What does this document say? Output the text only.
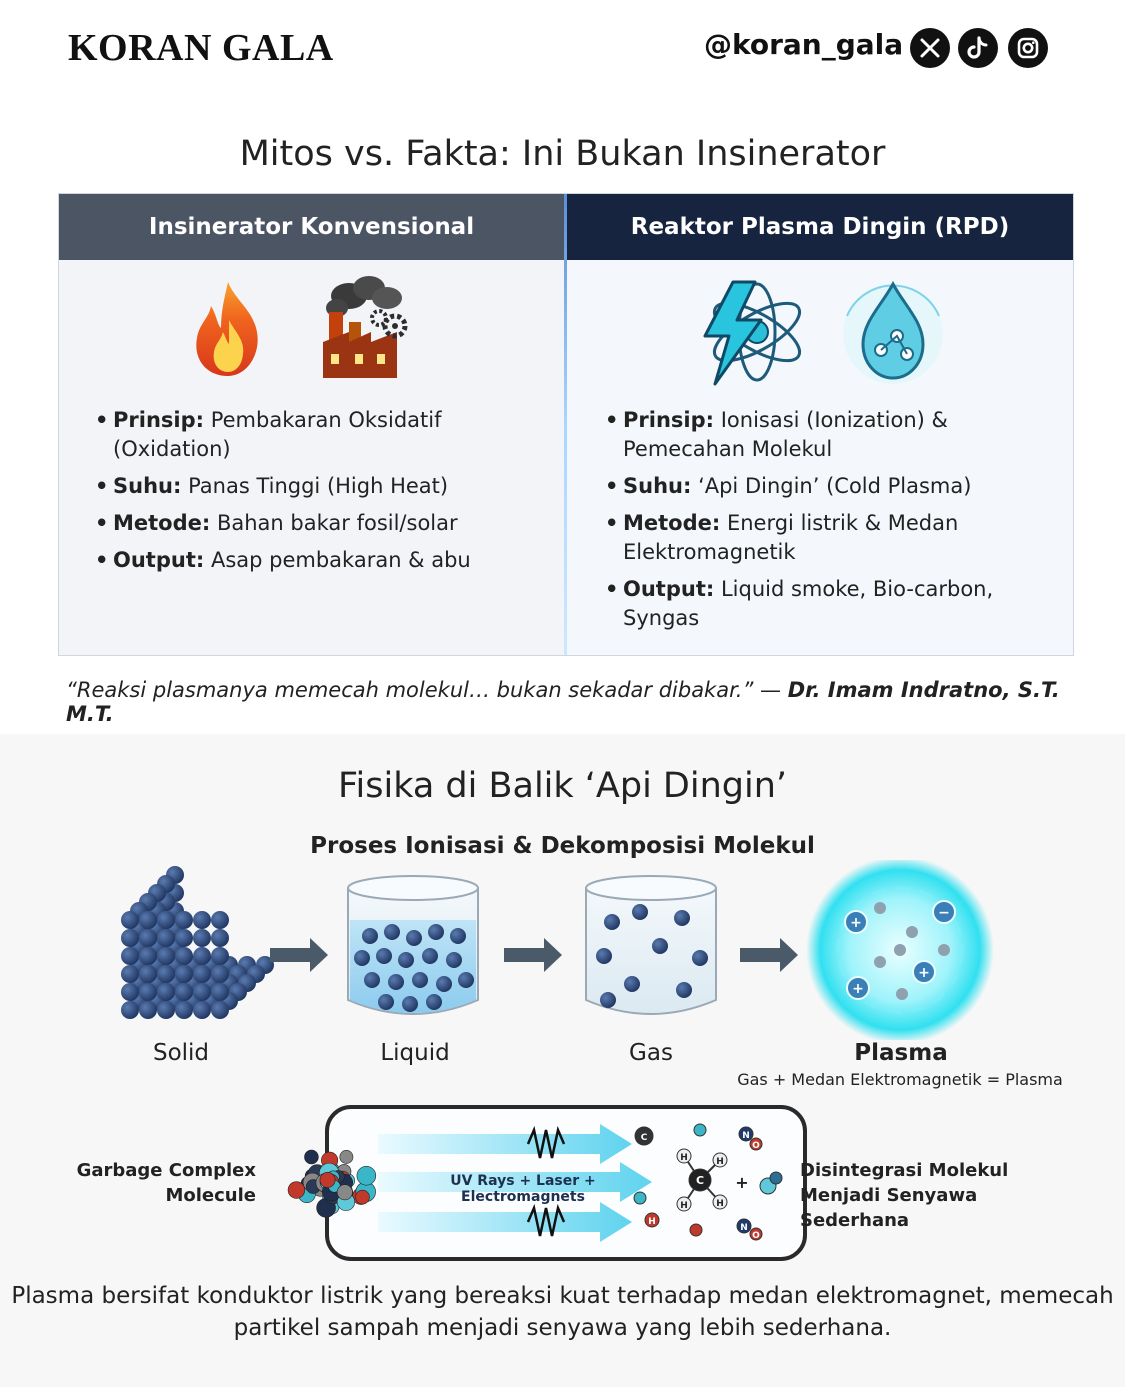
KORAN GALA	@koran_gala
Mitos vs. Fakta: Ini Bukan Insinerator
Insinerator Konvensional	Reaktor Plasma Dingin (RPD)
• Prinsip: Pembakaran Oksidatif (Oxidation)
• Suhu: Panas Tinggi (High Heat)
• Metode: Bahan bakar fosil/solar
• Output: Asap pembakaran & abu
• Prinsip: Ionisasi (Ionization) & Pemecahan Molekul
• Suhu: ‘Api Dingin’ (Cold Plasma)
• Metode: Energi listrik & Medan Elektromagnetik
• Output: Liquid smoke, Bio-carbon, Syngas
“Reaksi plasmanya memecah molekul… bukan sekadar dibakar.” — Dr. Imam Indratno, S.T. M.T.
Fisika di Balik ‘Api Dingin’
Proses Ionisasi & Dekomposisi Molekul
+
−
+
+
Solid	Liquid	Gas	Plasma
Gas + Medan Elektromagnetik = Plasma
Garbage Complex Molecule
C
C
H	H
H	H
N
O
N
O
H
+
UV Rays + Laser + Electromagnets
Disintegrasi Molekul Menjadi Senyawa Sederhana
Plasma bersifat konduktor listrik yang bereaksi kuat terhadap medan elektromagnet, memecah partikel sampah menjadi senyawa yang lebih sederhana.
